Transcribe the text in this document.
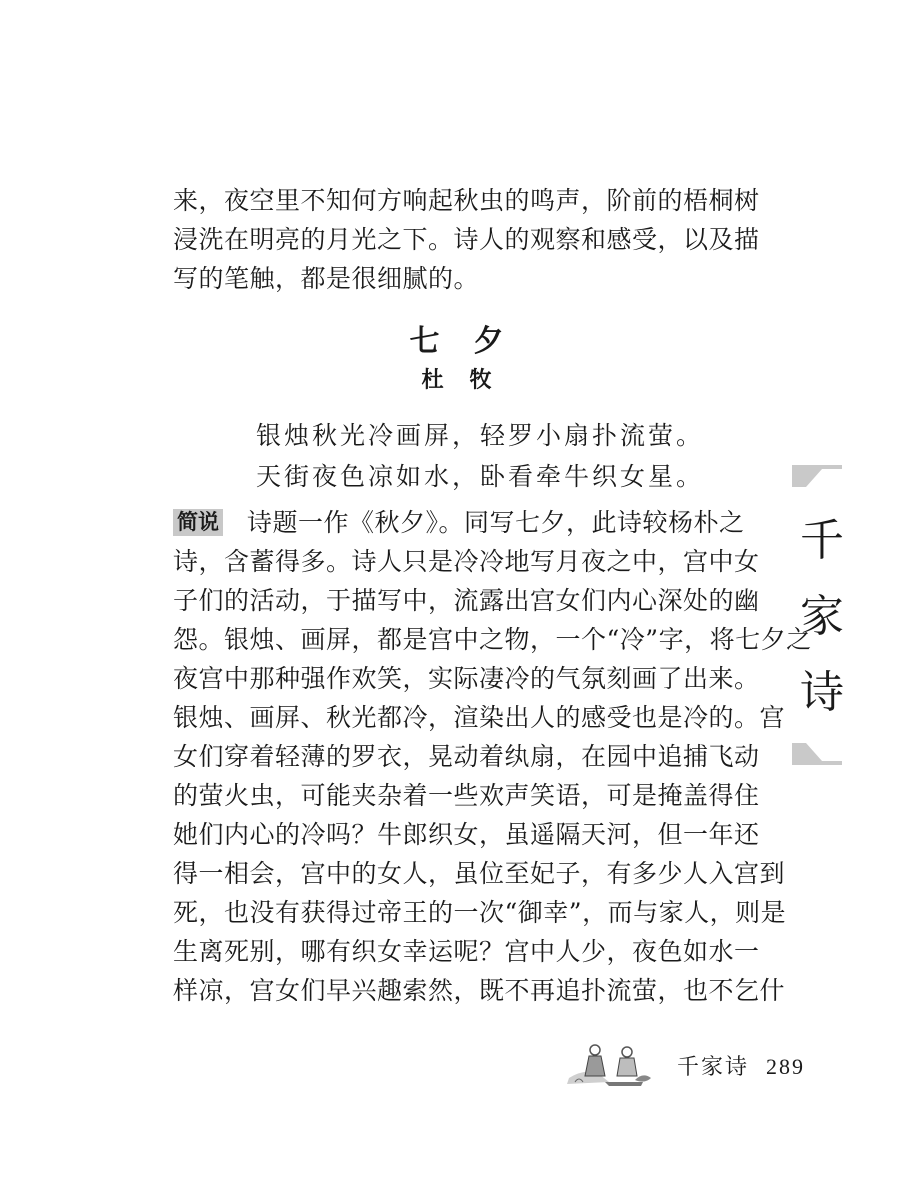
来，夜空里不知何方响起秋虫的鸣声，阶前的梧桐树
浸洗在明亮的月光之下。诗人的观察和感受，以及描
写的笔触，都是很细腻的。
七夕
杜牧
银烛秋光冷画屏，轻罗小扇扑流萤。
天街夜色凉如水，卧看牵牛织女星。
简说 诗题一作《秋夕》。同写七夕，此诗较杨朴之
诗，含蓄得多。诗人只是冷冷地写月夜之中，宫中女
子们的活动，于描写中，流露出宫女们内心深处的幽
怨。银烛、画屏，都是宫中之物，一个“冷”字，将七夕之
夜宫中那种强作欢笑，实际凄冷的气氛刻画了出来。
银烛、画屏、秋光都冷，渲染出人的感受也是冷的。宫
女们穿着轻薄的罗衣，晃动着纨扇，在园中追捕飞动
的萤火虫，可能夹杂着一些欢声笑语，可是掩盖得住
她们内心的冷吗？牛郎织女，虽遥隔天河，但一年还
得一相会，宫中的女人，虽位至妃子，有多少人入宫到
死，也没有获得过帝王的一次“御幸”，而与家人，则是
生离死别，哪有织女幸运呢？宫中人少，夜色如水一
样凉，宫女们早兴趣索然，既不再追扑流萤，也不乞什
千
家
诗
千家诗 289
